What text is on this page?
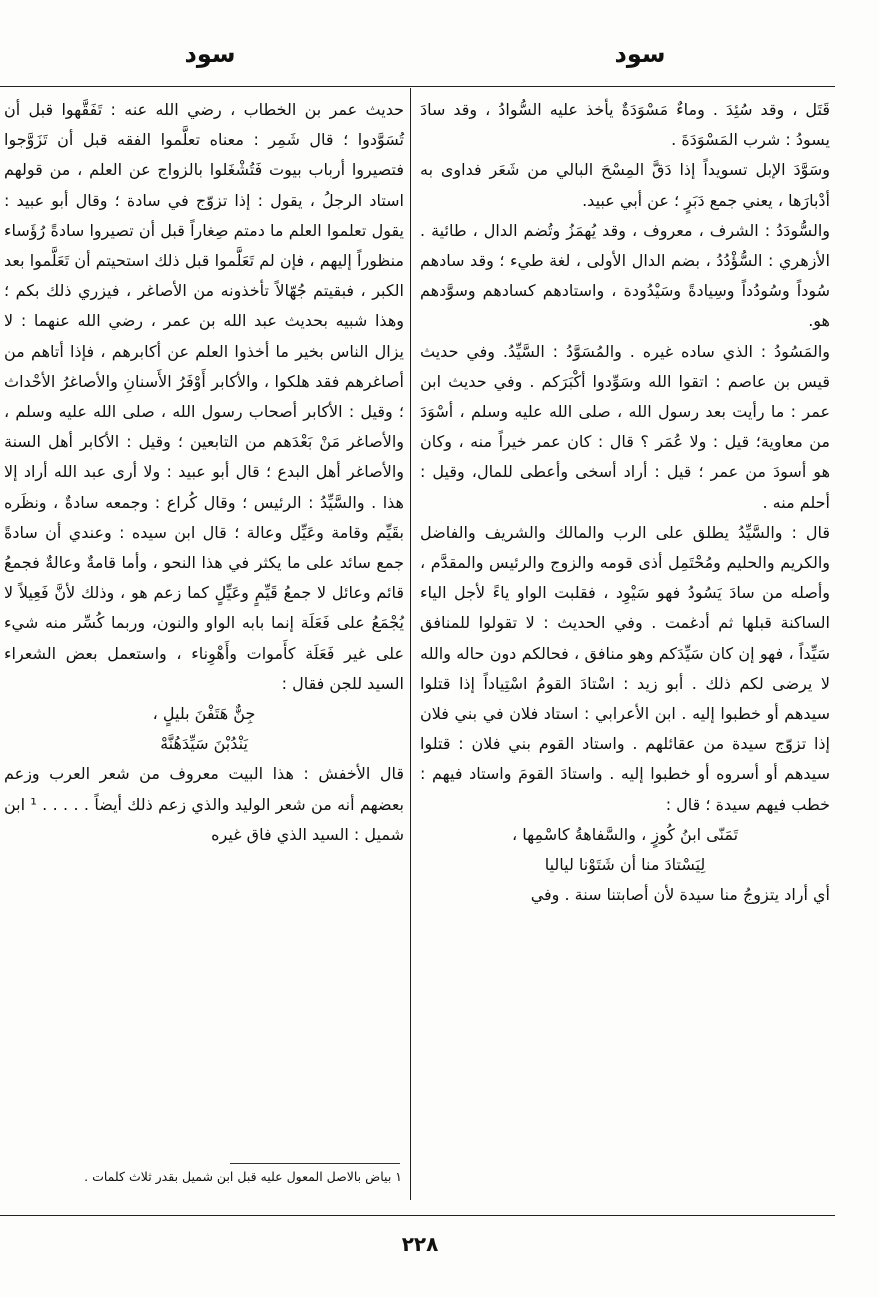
سود
سود

قَتَل ، وقد سُئِدَ . وماءٌ مَسْوَدَةٌ يأخذ عليه السُّوادُ ، وقد سادَ يسودُ : شرب المَسْوَدَةَ .

وسَوَّدَ الإبل تسويداً إذا دَقَّ المِسْحَ البالي من شَعَر فداوى به أدْبارَها ، يعني جمع دَبَرٍ ؛ عن أبي عبيد.

والسُّودَدُ : الشرف ، معروف ، وقد يُهمَزُ وتُضم الدال ، طائية . الأزهري : السُّؤْدُدُ ، بضم الدال الأولى ، لغة طيء ؛ وقد سادهم سُوداً وسُودُداً وسِيادةً وسَيْدُودة ، واستادهم كسادهم وسوَّدهم هو.

والمَسُودُ : الذي ساده غيره . والمُسَوَّدُ : السَّيِّدُ. وفي حديث قيس بن عاصم : اتقوا الله وسَوِّدوا أكْبَرَكم . وفي حديث ابن عمر : ما رأيت بعد رسول الله ، صلى الله عليه وسلم ، أسْوَدَ من معاوية؛ قيل : ولا عُمَر ؟ قال : كان عمر خيراً منه ، وكان هو أسودَ من عمر ؛ قيل : أراد أسخى وأعطى للمال، وقيل : أحلم منه .

قال : والسَّيِّدُ يطلق على الرب والمالك والشريف والفاضل والكريم والحليم ومُحْتَمِل أذى قومه والزوج والرئيس والمقدَّم ، وأصله من سادَ يَسُودُ فهو سَيْوِد ، فقلبت الواو ياءً لأجل الياء الساكنة قبلها ثم أدغمت . وفي الحديث : لا تقولوا للمنافق سَيِّداً ، فهو إن كان سَيِّدَكم وهو منافق ، فحالكم دون حاله والله لا يرضى لكم ذلك . أبو زيد : اسْتادَ القومُ اسْتِياداً إذا قتلوا سيدهم أو خطبوا إليه . ابن الأعرابي : استاد فلان في بني فلان إذا تزوّج سيدة من عقائلهم . واستاد القوم بني فلان : قتلوا سيدهم أو أسروه أو خطبوا إليه . واستادَ القومَ واستاد فيهم : خطب فيهم سيدة ؛ قال :

تَمَنّى ابنُ كُوزٍ ، والسَّفاهةُ كاسْمِها ،

لِيَسْتادَ منا أن شَتَوْنا لياليا

أي أراد يتزوجُ منا سيدة لأن أصابتنا سنة . وفي

حديث عمر بن الخطاب ، رضي الله عنه : تَفَقَّهوا قبل أن تُسَوَّدوا ؛ قال شَمِر : معناه تعلَّموا الفقه قبل أن تَزَوَّجوا فتصيروا أرباب بيوت فَتُشْغَلوا بالزواج عن العلم ، من قولهم استاد الرجلُ ، يقول : إذا تزوّج في سادة ؛ وقال أبو عبيد : يقول تعلموا العلم ما دمتم صِغاراً قبل أن تصيروا سادةً رُؤَساء منظوراً إليهم ، فإن لم تَعَلَّموا قبل ذلك استحيتم أن تَعَلَّموا بعد الكبر ، فبقيتم جُهّالاً تأخذونه من الأصاغر ، فيزري ذلك بكم ؛ وهذا شبيه بحديث عبد الله بن عمر ، رضي الله عنهما : لا يزال الناس بخير ما أخذوا العلم عن أكابرهم ، فإذا أتاهم من أصاغرهم فقد هلكوا ، والأكابر أَوْفَرُ الأَسنانِ والأصاغرُ الأحْداث ؛ وقيل : الأكابر أصحاب رسول الله ، صلى الله عليه وسلم ، والأصاغر مَنْ بَعْدَهم من التابعين ؛ وقيل : الأكابر أهل السنة والأصاغر أهل البدع ؛ قال أبو عبيد : ولا أرى عبد الله أراد إلا هذا . والسَّيِّدُ : الرئيس ؛ وقال كُراع : وجمعه سادةٌ ، ونظَره بقَيِّم وقامة وعَيِّل وعالة ؛ قال ابن سيده : وعندي أن سادةً جمع سائد على ما يكثر في هذا النحو ، وأما قامةٌ وعالةٌ فجمعُ قائم وعائل لا جمعُ قَيِّمٍ وعَيِّلٍ كما زعم هو ، وذلك لأنَّ فَعِيلاً لا يُجْمَعُ على فَعَلَة إنما بابه الواو والنون، وربما كُسِّر منه شيء على غير فَعَلَة كأَموات وأَهْوِناء ، واستعمل بعض الشعراء السيد للجن فقال :

جِنٌّ هَتَفْنَ بليلٍ ،

يَنْدُبْنَ سَيِّدَهُنَّهْ

قال الأخفش : هذا البيت معروف من شعر العرب وزعم بعضهم أنه من شعر الوليد والذي زعم ذلك أيضاً . . . . . ¹ ابن شميل : السيد الذي فاق غيره

١ بياض بالاصل المعول عليه قبل ابن شميل بقدر ثلاث كلمات .
٢٢٨
